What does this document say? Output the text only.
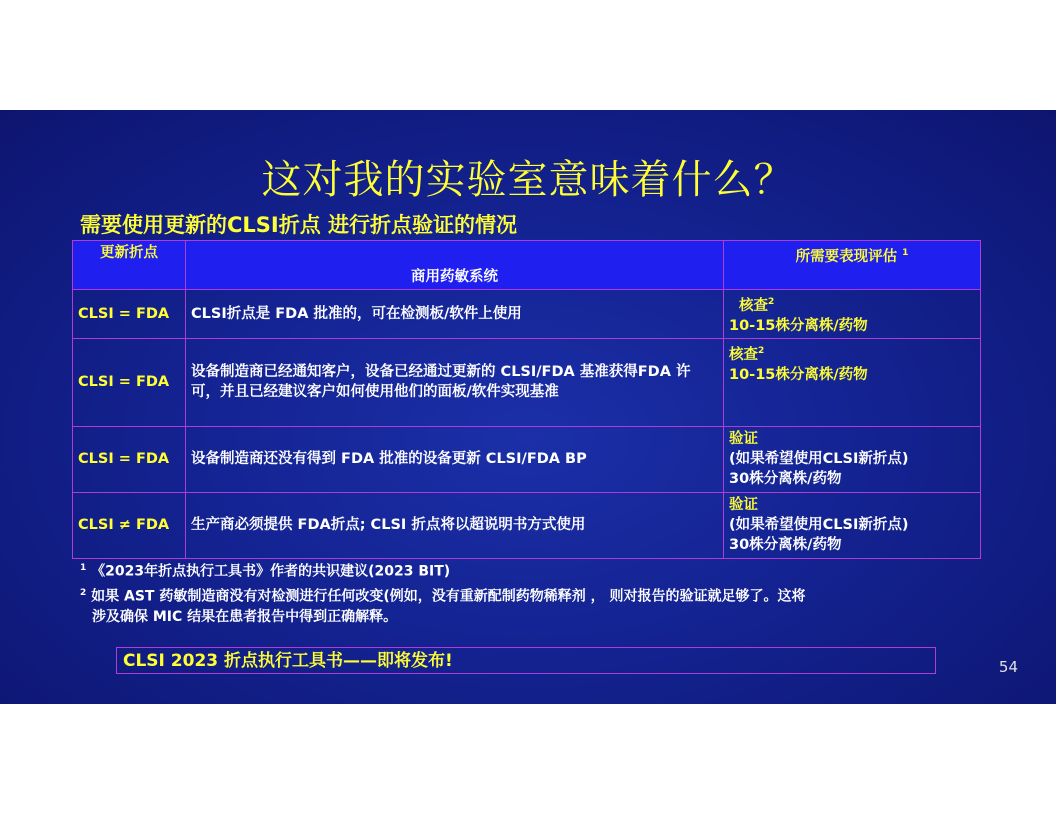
这对我的实验室意味着什么？
需要使用更新的CLSI折点 进行折点验证的情况
更新折点	商用药敏系统	所需要表现评估 $^1$
CLSI = FDA	CLSI折点是 FDA 批准的，可在检测板/软件上使用	核查$^2$
10-15株分离株/药物

CLSI = FDA	设备制造商已经通知客户，设备已经通过更新的 CLSI/FDA 基准获得FDA 许可，并且已经建议客户如何使用他们的面板/软件实现基准	核查$^2$
10-15株分离株/药物

CLSI = FDA	设备制造商还没有得到 FDA 批准的设备更新 CLSI/FDA BP	验证
(如果希望使用CLSI新折点)
30株分离株/药物

CLSI ≠ FDA	生产商必须提供 FDA折点; CLSI 折点将以超说明书方式使用	验证
(如果希望使用CLSI新折点)
30株分离株/药物
$^1$ 《2023年折点执行工具书》作者的共识建议(2023 BIT)
$^2$ 如果 AST 药敏制造商没有对检测进行任何改变(例如，没有重新配制药物稀释剂 ， 则对报告的验证就足够了。这将
涉及确保 MIC 结果在患者报告中得到正确解释。
CLSI 2023 折点执行工具书——即将发布!	54
